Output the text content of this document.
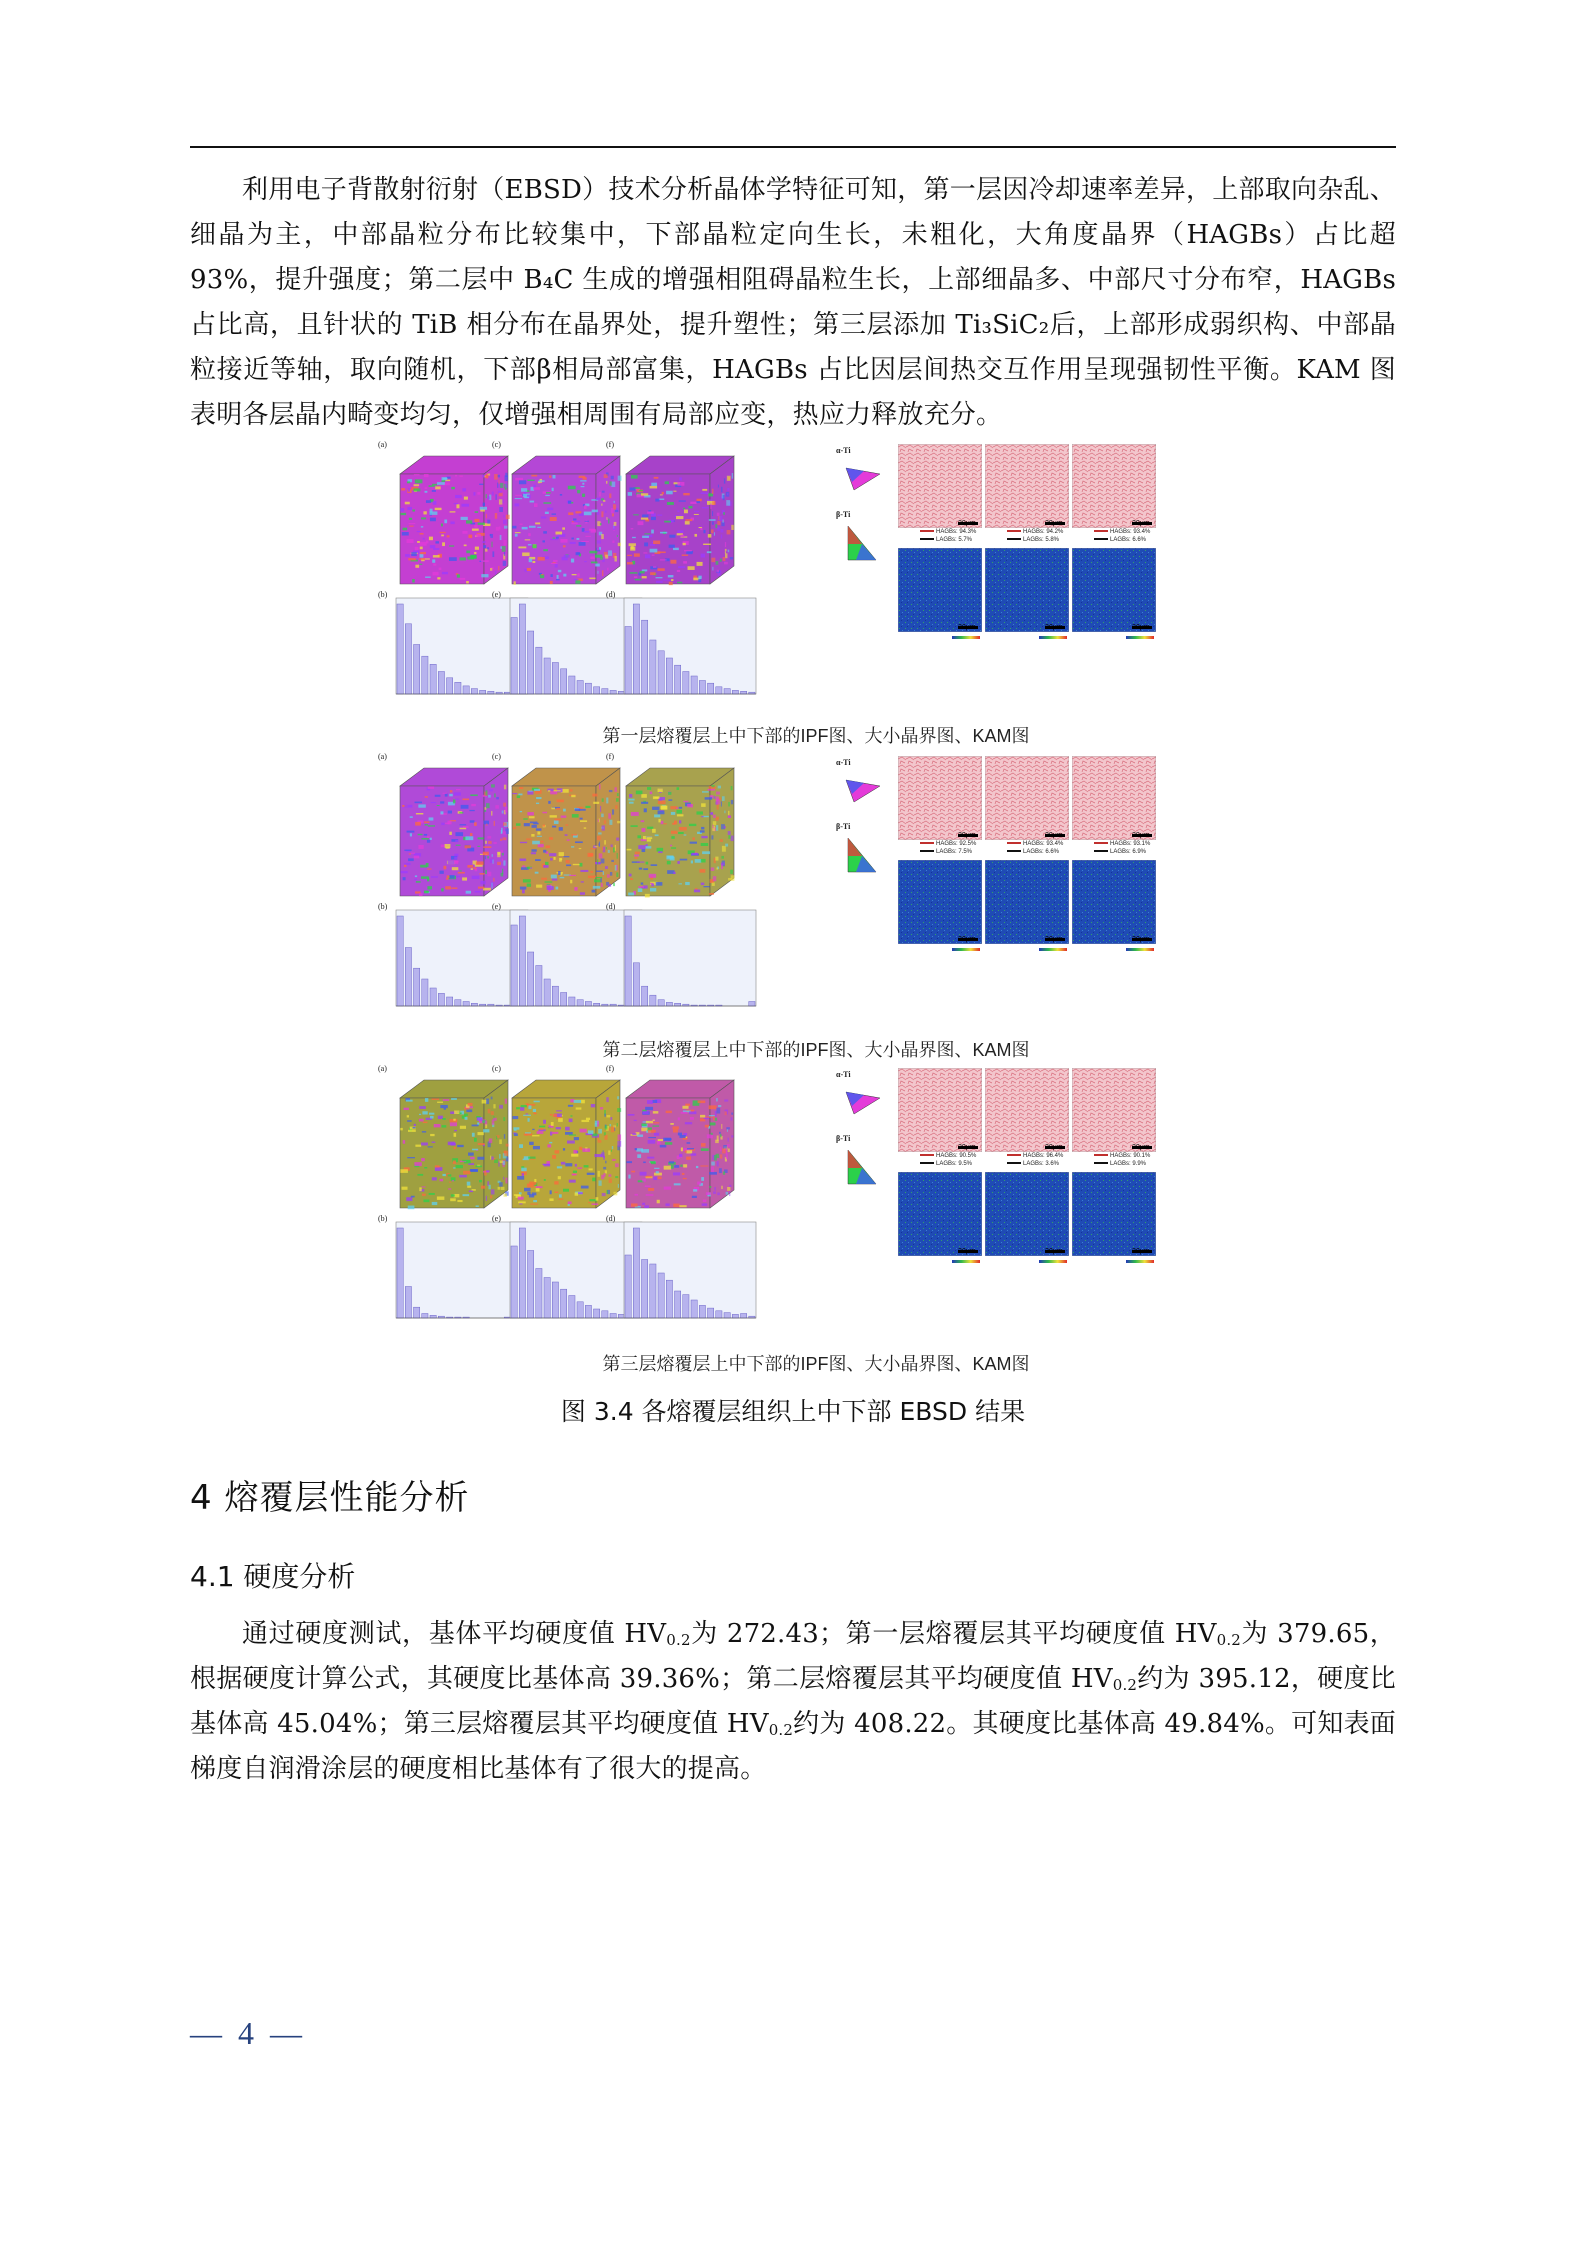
利用电子背散射衍射（EBSD）技术分析晶体学特征可知，第一层因冷却速率差异，上部取向杂乱、细晶为主，中部晶粒分布比较集中，下部晶粒定向生长，未粗化，大角度晶界（HAGBs）占比超 93%，提升强度；第二层中 B₄C 生成的增强相阻碍晶粒生长，上部细晶多、中部尺寸分布窄，HAGBs 占比高，且针状的 TiB 相分布在晶界处，提升塑性；第三层添加 Ti₃SiC₂后，上部形成弱织构、中部晶粒接近等轴，取向随机，下部β相局部富集，HAGBs 占比因层间热交互作用呈现强韧性平衡。KAM 图表明各层晶内畸变均匀，仅增强相周围有局部应变，热应力释放充分。

(a)	(c)	(f)
(b)	(e)	(d)
α-Ti
β-Ti
20μm
HAGBs: 94.3%
LAGBs: 5.7%
20μm
20μm
HAGBs: 94.2%
LAGBs: 5.8%
20μm
20μm
HAGBs: 93.4%
LAGBs: 6.6%
20μm
(a)	(c)	(f)
(b)	(e)	(d)
α-Ti
β-Ti
20μm
HAGBs: 92.5%
LAGBs: 7.5%
20μm
20μm
HAGBs: 93.4%
LAGBs: 6.6%
20μm
20μm
HAGBs: 93.1%
LAGBs: 6.9%
20μm
(a)	(c)	(f)
(b)	(e)	(d)
α-Ti
β-Ti
20μm
HAGBs: 90.5%
LAGBs: 9.5%
20μm
20μm
HAGBs: 96.4%
LAGBs: 3.6%
20μm
20μm
HAGBs: 90.1%
LAGBs: 9.9%
20μm
第一层熔覆层上中下部的IPF图、大小晶界图、KAM图
第二层熔覆层上中下部的IPF图、大小晶界图、KAM图
第三层熔覆层上中下部的IPF图、大小晶界图、KAM图
图 3.4 各熔覆层组织上中下部 EBSD 结果
4 熔覆层性能分析
4.1 硬度分析

通过硬度测试，基体平均硬度值 $HV_{0.2}$为 272.43；第一层熔覆层其平均硬度值 $HV_{0.2}$为 379.65，根据硬度计算公式，其硬度比基体高 39.36%；第二层熔覆层其平均硬度值 $HV_{0.2}$约为 395.12，硬度比基体高 45.04%；第三层熔覆层其平均硬度值 $HV_{0.2}$约为 408.22。其硬度比基体高 49.84%。可知表面梯度自润滑涂层的硬度相比基体有了很大的提高。

— 4 —
